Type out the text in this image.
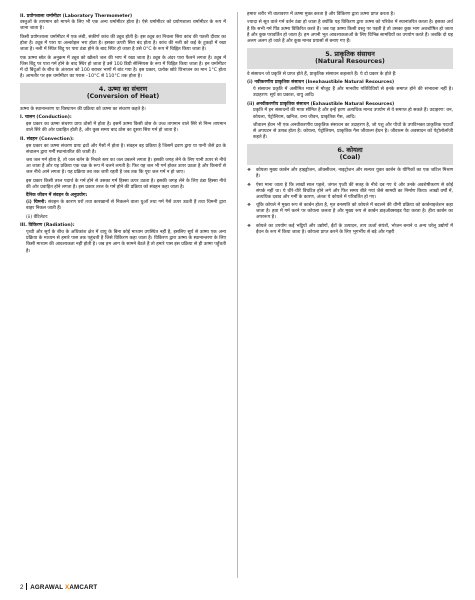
II. प्रयोगशाला थर्मामीटर (Laboratory Thermometer)

वस्तुओं के तापमान को मापने के लिए भी एक अन्य थर्मामीटर होता है। ऐसे थर्मामीटर को प्रयोगशाला थर्मामीटर के रूप में जाना जाता है।

किसी प्रयोगशाला थर्मामीटर में एक लंबी, संकीर्ण कांच की ट्यूब होती है। इस ट्यूब का निचला सिरा कांच की पतली दीवार का होता है। ट्यूब में पारा या अल्कोहल भरा होता है। इसका ऊपरी सिरा बंद होता है। कांच की नली को कई के टुकड़ों में रखा जाता है। नली में स्थित बिंदु पर पारा ठंडा होने के बाद स्थिर हो जाता है उसे 0°C के रूप में चिह्नित किया जाता है।

एक ऊष्मा स्रोत के अनुक्रम में ट्यूब को खौलते जल की भाप में रखा जाता है। ट्यूब के अंदर पारा फैलने लगता है। ट्यूब में जिस बिंदु पर पारा गर्म होने के बाद स्थिर हो जाता है उसे 100 डिग्री सेल्सियस के रूप में चिह्नित किया जाता है। इन थर्मामीटर में दो बिंदुओं के बीच के अंतराल को 100 बराबर भागों में बांट गया है। इस प्रकार, प्रत्येक छोटे विभाजन का मान 1°C होता है। आमतौर पर इस थर्मामीटर का परास –10°C से 110°C तक होता है।

4. ऊष्मा का संचरण
(Conversion of Heat)

ऊष्मा के स्थानान्तरण या विस्थापन की प्रक्रिया को ऊष्मा का संचरण कहते है।

I. चालन (Conduction):

इस प्रकार का ऊष्मा संचरण प्रायः ठोसों में होता है। इसमें ऊष्मा किसी ठोस के उच्च तापमान वाले सिरे से निम्न तापमान वाले सिरे की ओर प्रवाहित होती है, और कुछ समय बाद ठोस का दूसरा सिरा गर्म हो जाता है।

II. संवहन (Convection):

इस प्रकार का ऊष्मा संचरण प्रायः द्रवों और गैसों में होता है। संवहन वह प्रक्रिया है जिसमें द्रवण द्वारा या पानी जैसे द्रव के संचालन द्वारा गर्मी स्थानांतरित की जाती है।

जब जल गर्म होता है, तो जल बर्तन के निचले स्तर का जल उबलने लगता है। इसकी जगह लेने के लिए पानी ऊपर से नीचे आ जाता है और यह प्रक्रिया एक चक्र के रूप में चलने लगती है। फिर यह जल भी गर्म होकर ऊपर उठता है और किनारों से जल नीचे आने लगता है। यह प्रक्रिया तब तक जारी रहती है जब तक कि पूरा जल गर्म न हो जाए।

इस प्रकार किसी तरल पदार्थ के गर्म होने से उसका गर्म हिस्सा ऊपर उठता है। इसकी जगह लेने के लिए ठंडा हिस्सा नीचे की ओर प्रवाहित होने लगता है। इस प्रकार तरल के गर्म होने की प्रक्रिया को संवहन कहा जाता है।

दैनिक जीवन में संवहन के अनुप्रयोग:

(i) चिमनी: संवहन के कारण घरों तथा कारखानों से निकलने वाला धुआँ तथा गर्म गैसें ऊपर उठती हैं तथा चिमनी द्वारा बाहर निकल जाती हैं।

(ii) वेंटिलेटर:

III. विकिरण (Radiation):

पृथ्वी और सूर्य के बीच के अधिकांश क्षेत्र में वायु के बिना कोई माध्यम उपस्थित नहीं है, इसलिए सूर्य से ऊष्मा एक अन्य प्रक्रिया के माध्यम से हमारे पास तक पहुंचती है जिसे विकिरण कहा जाता है। विकिरण द्वारा ऊष्मा के स्थानान्तरण के लिए किसी माध्यम की आवश्यकता नहीं होती है। जब हम आग के सामने बैठते हैं तो हमारे पास इस प्रक्रिया से ही ऊष्मा पहुँचती है।

हमारा शरीर भी वातावरण में ऊष्मा मुक्त करता है और विकिरण द्वारा ऊष्मा प्राप्त करता है।

ज्यादा से सूत वाले गर्म वर्तन ठंडा हो जाता है क्योंकि यह विकिरण द्वारा ऊष्मा को परिवेश में स्थानांतरित करता है। इसका अर्थ है कि सभी गर्म पिंड ऊष्मा विकिरित करते हैं। जब यह ऊष्मा किसी वस्तु पर पड़ती है तो उसका कुछ भाग अवशोषित हो जाता है और कुछ परावर्तित हो जाता है। हम अपनी भूत आवश्यकताओं के लिए विभिन्न सामग्रियों का उपयोग करते हैं। जबकि दो ग्रह अलग अलग हो जाते हैं और कुछ मानव प्रयासों से बनाए गए हैं।

5. प्राकृतिक संसाधन
(Natural Resources)

वे संसाधन जो प्रकृति से प्राप्त होते हैं, प्राकृतिक संसाधन कहलाते हैं। ये दो प्रकार के होते हैं:

(i) नवीकरणीय प्राकृतिक संसाधन (Inexhaustible Natural Resources)

ये संसाधन प्रकृति में असीमित मात्रा में मौजूद हैं और मानवीय गतिविधियों से इनके समाप्त होने की संभावना नहीं है। उदाहरण: सूर्य का प्रकाश, वायु आदि।

(ii) अनवीकरणीय प्राकृतिक संसाधन (Exhaustible Natural Resources)

प्रकृति में इन संसाधनों की मात्रा सीमित है और इन्हें हरण अत्यधिक मानव उपयोग से ये समाप्त हो सकते हैं। उदाहरण: वन, कोयला, पेट्रोलियम, खनिज, वन्य जीवन, प्राकृतिक गैस, आदि।

जीवाश्म ईंधन भी एक अनवीकरणीय प्राकृतिक संसाधन का उदाहरण है, जो पशु और पौधों के उपविभक्त प्राकृतिक पदार्थों से अपघटन से उत्पन्न होता है। कोयला, पेट्रोलियम, प्राकृतिक गैस जीवाश्म ईंधन है। जीवाश्म के अवसादन को पेट्रोलोलॉजी कहते हैं।

6. कोयला
(Coal)
❖ कोयला मुख्य कार्बन और हाइड्रोजन, ऑक्सीजन, नाइट्रोजन और सल्फर युक्त कार्बन के यौगिकों का एक जटिल मिश्रण है।
❖ ऐसा माना जाता है कि लाखों साल पहले, जंगल पृथ्वी की सतह के नीचे दब गए थे और उनके अवशेषीकरण से कोई संपर्क नहीं था। ये धीरे-धीरे विघटित होने लगे और फिर समय बीते गयां जैसे सामग्री का निर्माण किया। लाखों वर्षों में, अत्यधिक दबाव और गर्मी के कारण, अंततः ये कोयले में परिवर्तित हो गए।
❖ चूंकि कोयले में मुख्य रूप से कार्बन होता है, मृत वनस्पति को कोयले में बदलने की धीमी प्रक्रिया को कार्बनाइजेशन कहा जाता है। हवा में गर्म करने पर कोयला जलता है और मुख्य रूप से कार्बन डाइऑक्साइड पैदा करता है। हीरा कार्बन का अपररूप है।
❖ कोयले का उपयोग कई भट्ठियों और उद्योगों, ईंटों के उत्पादन, ताप ऊर्जा संयंत्रों, भोजन बनाने व अन्य घरेलू उद्योगों में ईंधन के रूप में किया जाता है। कोयला प्राप्त करने के लिए भूगर्भीय से बड़े और गहरी
2 AGRAWAL XAMCART
